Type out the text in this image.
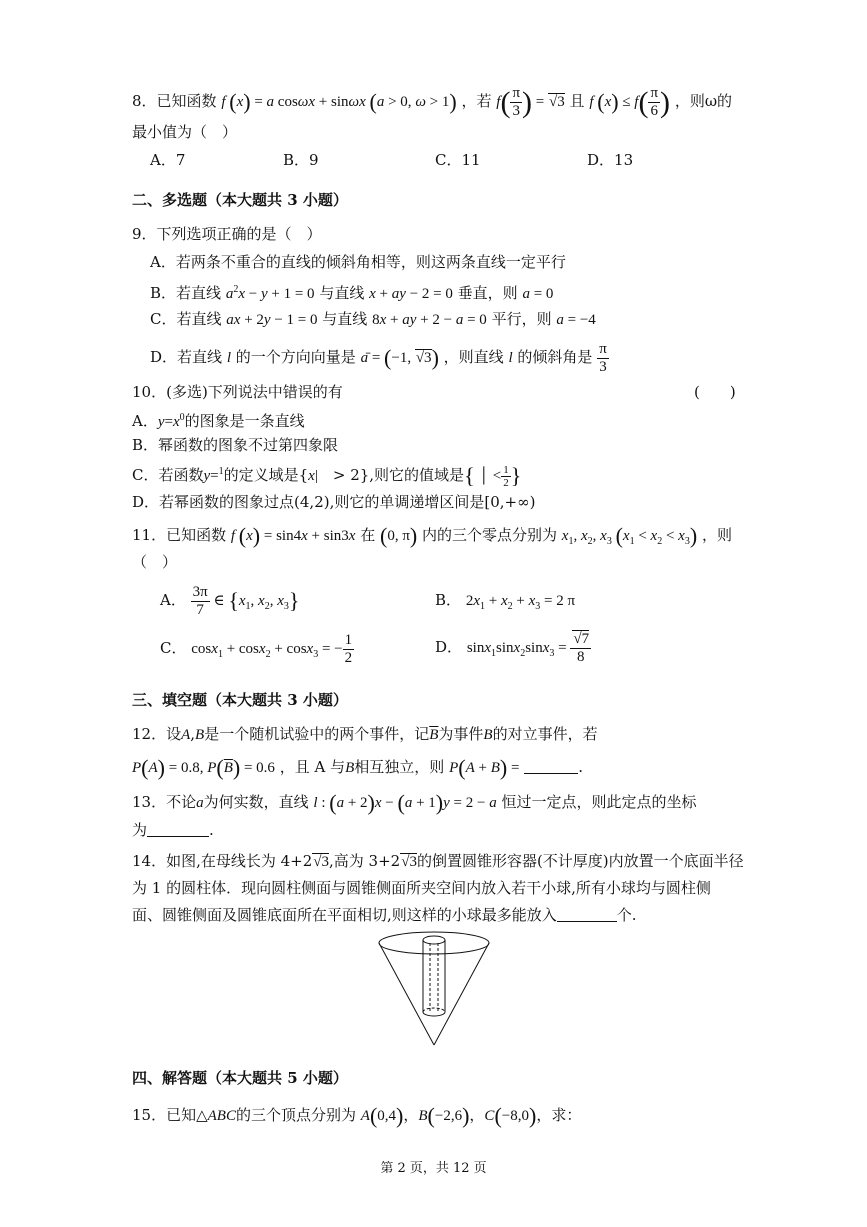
8．已知函数 f (x) = a cosωx + sinωx (a > 0, ω > 1) ，若 $f( \frac{\pi}{3}$ ) = √3 且 f $(x) \le f( \frac{\pi}{6}$ ) ，则ω的
最小值为（　）
A．7	B．9	C．11	D．13
二、多选题（本大题共 3 小题）
9．下列选项正确的是（　）
A．若两条不重合的直线的倾斜角相等，则这两条直线一定平行
B．若直线 $a^2x - y + 1 = 0$ 与直线 x + ay − 2 = 0 垂直，则 a = 0
C．若直线 ax + 2y − 1 = 0 与直线 8x + ay + 2 − a = 0 平行，则 a = −4
D．若直线 l 的一个方向向量是 ā = (−1, √3) ，则直线 l 的倾斜角是 $\frac{\pi}{3}$
10．(多选)下列说法中错误的有	(　　)
A．$y=x^0$的图象是一条直线
B．幂函数的图象不过第四象限
C．若函数y=$^1$的定义域是{x|　> 2},则它的值域是{ │ < $\frac{1}{2}$ }
D．若幂函数的图象过点(4,2),则它的单调递增区间是[0,+∞)
11．已知函数 f (x) = sin4x + sin3x 在 (0, π) 内的三个零点分别为 $x_1$, $x_2$, $x_3$ $(x_1 < x_2 < x_3)$ ，则
（　）
A． $\frac{3\pi}{7}$ ∈ {$x_1$, $x_2$, $x_3$}	B． $2x_1 + x_2 + x_3 = 2$ π
C． cosx$_1$ + cosx$_2$ + cosx$_3$ = − $\frac{1}{2}$	D． $\sin x_1\sin x_2\sin x_3 = \frac{√7}{8}$
三、填空题（本大题共 3 小题）
12．设A,B是一个随机试验中的两个事件，记$\overline{B}$为事件B的对立事件，若
P(A) = 0.8, $P(\overline{B}) = 0.6$ ，且 A 与B相互独立，则 P(A + B) =	.
13．不论a为何实数，直线 l : (a + 2)x − (a + 1)y = 2 − a 恒过一定点，则此定点的坐标
为	.
14．如图,在母线长为 4+2√3,高为 3+2√3的倒置圆锥形容器(不计厚度)内放置一个底面半径
为 1 的圆柱体．现向圆柱侧面与圆锥侧面所夹空间内放入若干小球,所有小球均与圆柱侧
面、圆锥侧面及圆锥底面所在平面相切,则这样的小球最多能放入	个.
四、解答题（本大题共 5 小题）
15．已知△ABC的三个顶点分别为 A(0,4)，B(−2,6)，C(−8,0)，求：
第 2 页，共 12 页
